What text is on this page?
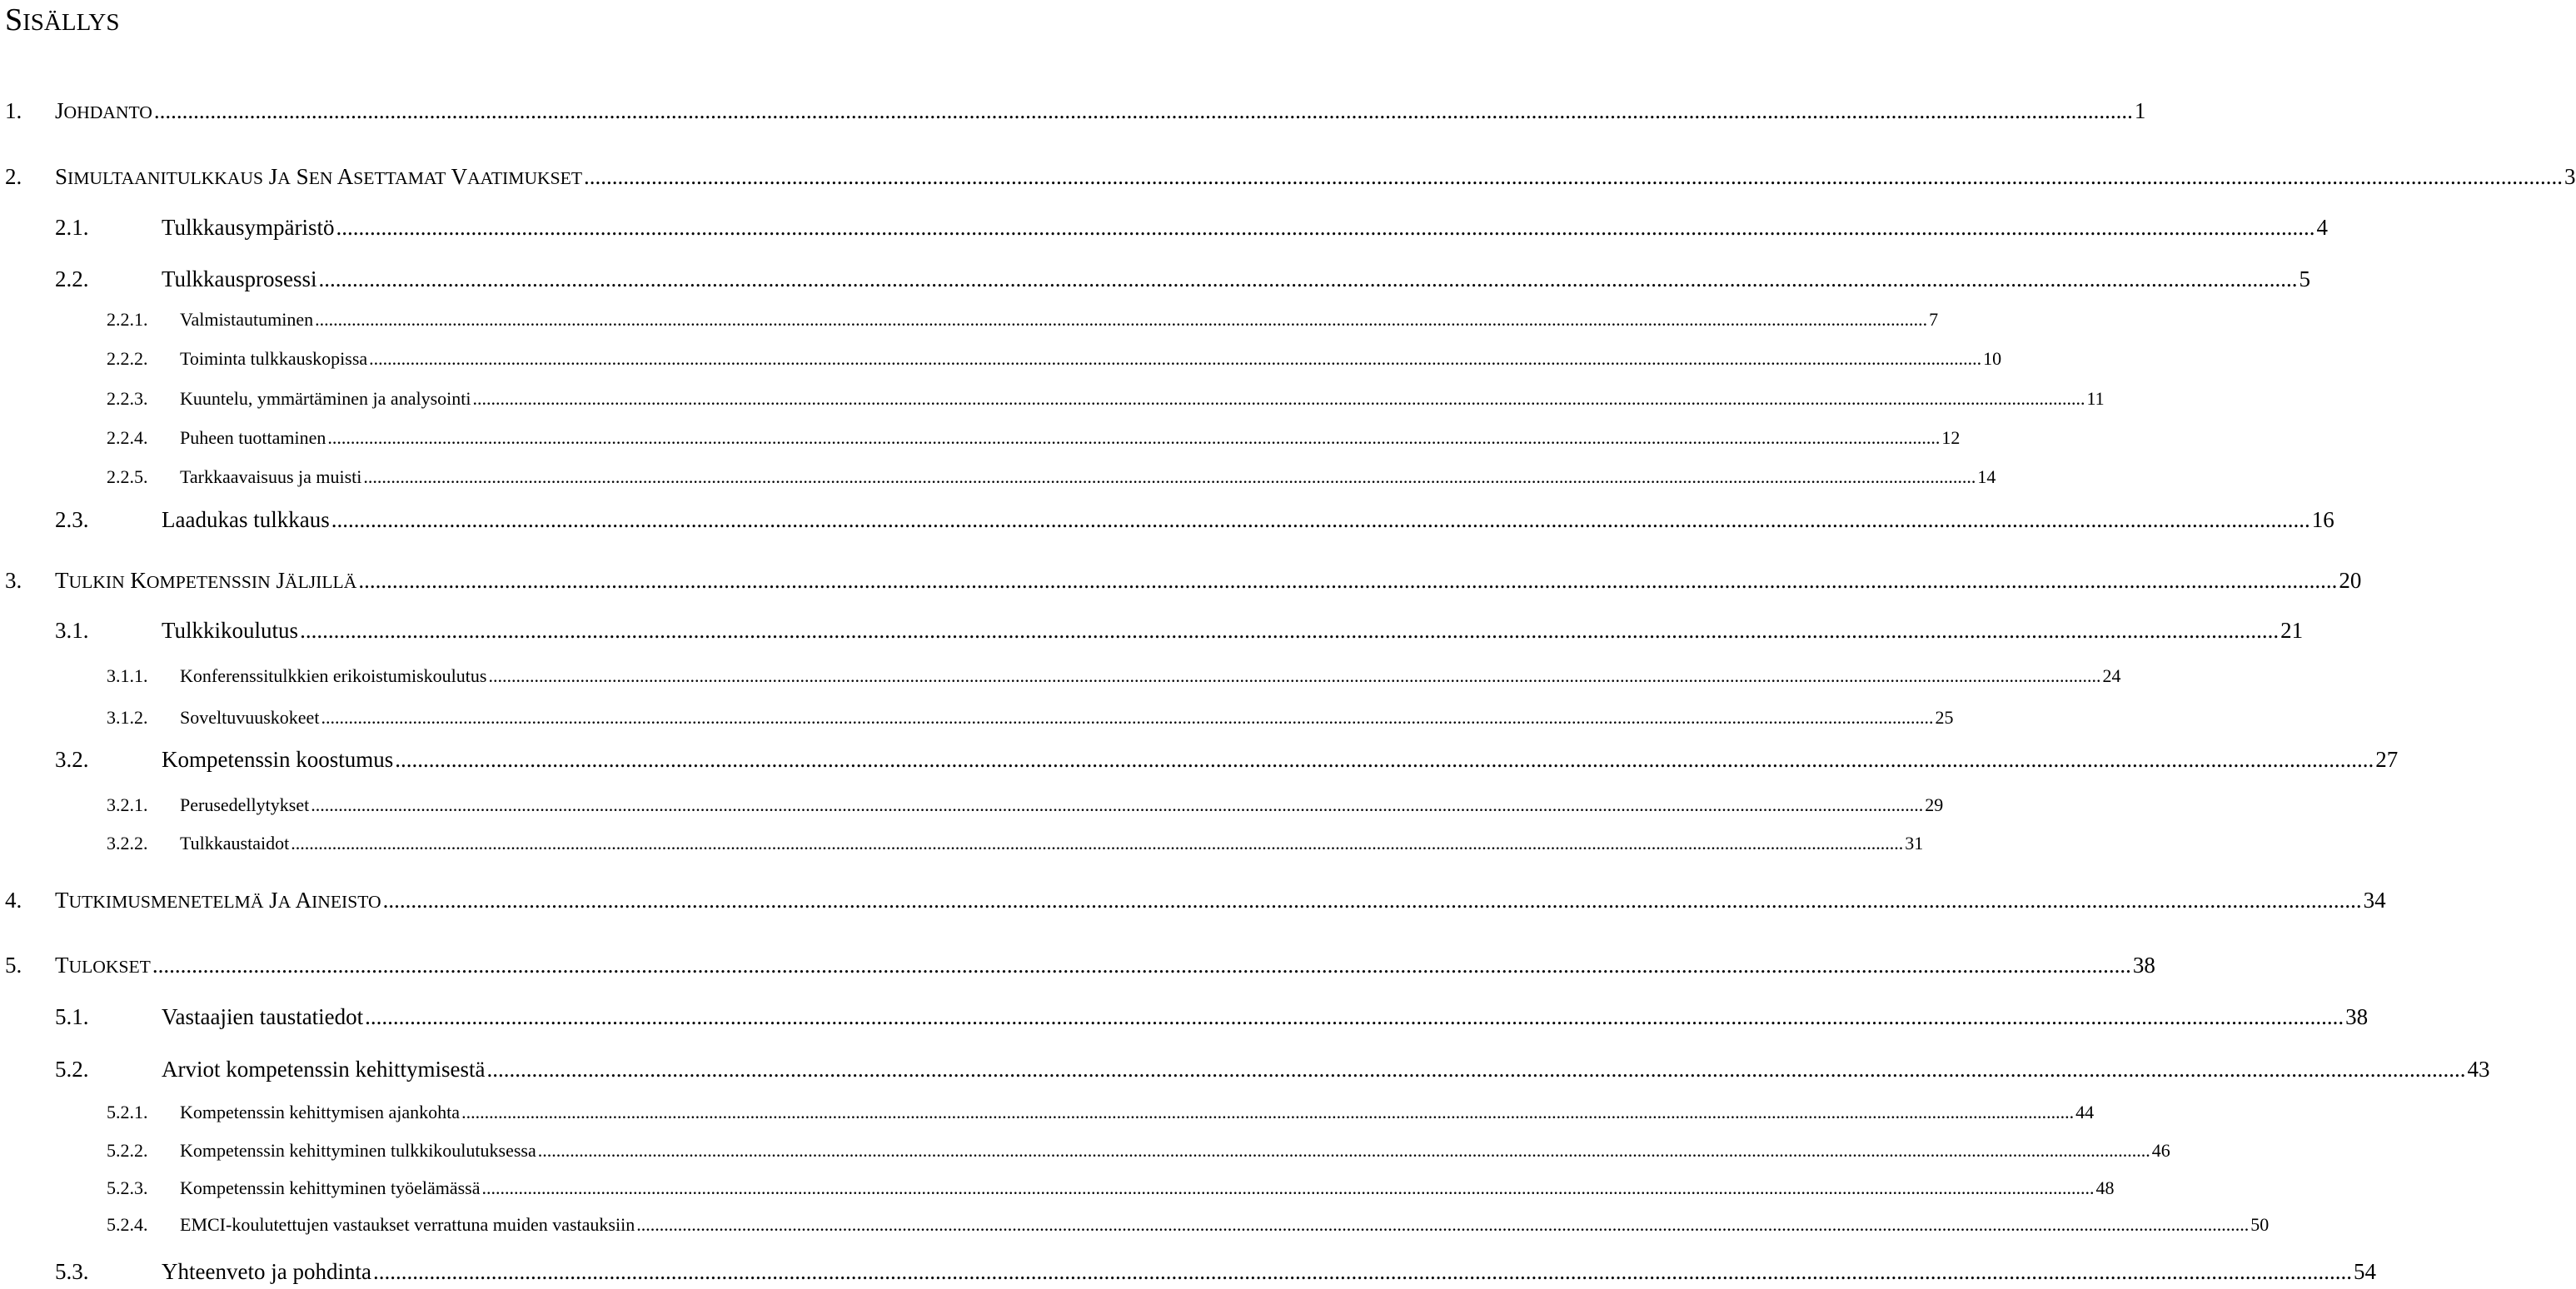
SISÄLLYS
1.	JOHDANTO .....	1
2.	SIMULTAANITULKKAUS JA SEN ASETTAMAT VAATIMUKSET .....	3
2.1.	Tulkkausympäristö .....	4
2.2.	Tulkkausprosessi .....	5
2.2.1.	Valmistautuminen .....	7
2.2.2.	Toiminta tulkkauskopissa .....	10
2.2.3.	Kuuntelu, ymmärtäminen ja analysointi .....	11
2.2.4.	Puheen tuottaminen .....	12
2.2.5.	Tarkkaavaisuus ja muisti .....	14
2.3.	Laadukas tulkkaus .....	16
3.	TULKIN KOMPETENSSIN JÄLJILLÄ .....	20
3.1.	Tulkkikoulutus .....	21
3.1.1.	Konferenssitulkkien erikoistumiskoulutus .....	24
3.1.2.	Soveltuvuuskokeet .....	25
3.2.	Kompetenssin koostumus .....	27
3.2.1.	Perusedellytykset .....	29
3.2.2.	Tulkkaustaidot .....	31
4.	TUTKIMUSMENETELMÄ JA AINEISTO .....	34
5.	TULOKSET .....	38
5.1.	Vastaajien taustatiedot .....	38
5.2.	Arviot kompetenssin kehittymisestä .....	43
5.2.1.	Kompetenssin kehittymisen ajankohta .....	44
5.2.2.	Kompetenssin kehittyminen tulkkikoulutuksessa .....	46
5.2.3.	Kompetenssin kehittyminen työelämässä .....	48
5.2.4.	EMCI-koulutettujen vastaukset verrattuna muiden vastauksiin .....	50
5.3.	Yhteenveto ja pohdinta .....	54
